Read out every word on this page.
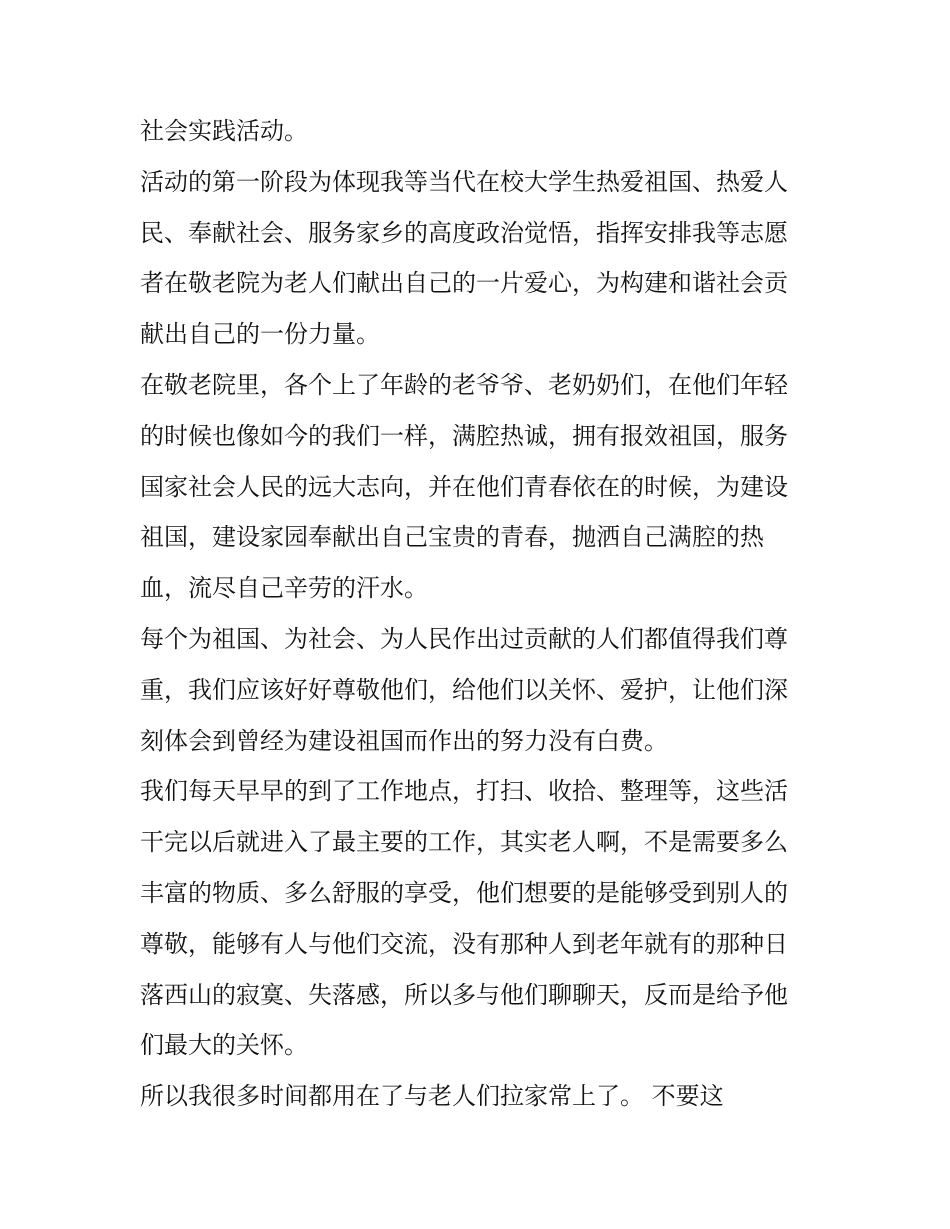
社会实践活动。
活动的第一阶段为体现我等当代在校大学生热爱祖国、热爱人
民、奉献社会、服务家乡的高度政治觉悟，指挥安排我等志愿
者在敬老院为老人们献出自己的一片爱心，为构建和谐社会贡
献出自己的一份力量。
在敬老院里，各个上了年龄的老爷爷、老奶奶们，在他们年轻
的时候也像如今的我们一样，满腔热诚，拥有报效祖国，服务
国家社会人民的远大志向，并在他们青春依在的时候，为建设
祖国，建设家园奉献出自己宝贵的青春，抛洒自己满腔的热
血，流尽自己辛劳的汗水。
每个为祖国、为社会、为人民作出过贡献的人们都值得我们尊
重，我们应该好好尊敬他们，给他们以关怀、爱护，让他们深
刻体会到曾经为建设祖国而作出的努力没有白费。
我们每天早早的到了工作地点，打扫、收拾、整理等，这些活
干完以后就进入了最主要的工作，其实老人啊，不是需要多么
丰富的物质、多么舒服的享受，他们想要的是能够受到别人的
尊敬，能够有人与他们交流，没有那种人到老年就有的那种日
落西山的寂寞、失落感，所以多与他们聊聊天，反而是给予他
们最大的关怀。
所以我很多时间都用在了与老人们拉家常上了。 不要这
